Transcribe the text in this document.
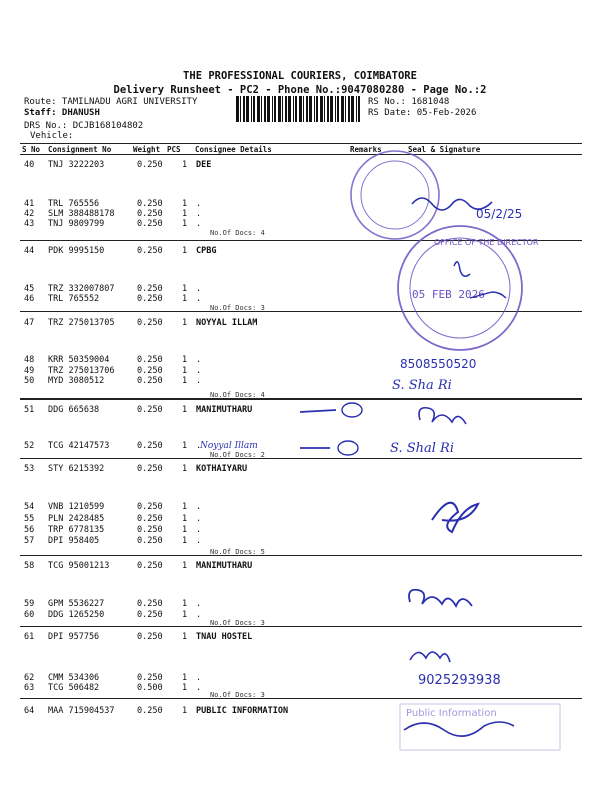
THE PROFESSIONAL COURIERS, COIMBATORE
Delivery Runsheet - PC2 - Phone No.:9047080280 - Page No.:2
Route: TAMILNADU AGRI UNIVERSITY
Staff: DHANUSH
DRS No.: DCJB168104802
Vehicle:
RS No.: 1681048
RS Date: 05-Feb-2026
S No Consignment No	Weight PCS Consignee Details	Remarks	Seal & Signature
40 TNJ 3222203	0.250 1 DEE
41 TRL 765556	0.250 1 .
42 SLM 388488178	0.250 1 .
43 TNJ 9809799	0.250 1 .
44 PDK 9995150	0.250 1 CPBG
45 TRZ 332007807	0.250 1 .
46 TRL 765552	0.250 1 .
47 TRZ 275013705	0.250 1 NOYYAL ILLAM
48 KRR 50359004	0.250 1 .
49 TRZ 275013706	0.250 1 .
50 MYD 3080512	0.250 1 .
51 DDG 665638	0.250 1 MANIMUTHARU
52 TCG 42147573	0.250 1 .
53 STY 6215392	0.250 1 KOTHAIYARU
54 VNB 1210599	0.250 1 .
55 PLN 2428485	0.250 1 .
56 TRP 6778135	0.250 1 .
57 DPI 958405	0.250 1 .
58 TCG 95001213	0.250 1 MANIMUTHARU
59 GPM 5536227	0.250 1 .
60 DDG 1265250	0.250 1 .
61 DPI 957756	0.250 1 TNAU HOSTEL
62 CMM 534306	0.250 1 .
63 TCG 506482	0.500 1 .
64 MAA 715904537	0.250 1 PUBLIC INFORMATION
No.Of Docs: 4
No.Of Docs: 3
No.Of Docs: 4
No.Of Docs: 2
No.Of Docs: 5
No.Of Docs: 3
No.Of Docs: 3
05 FEB 2026
OFFICE OF THE DIRECTOR
05/2/25
8508550520
S. Sha Ri
Noyyal Illam	S. Shal Ri
9025293938
Public Information
